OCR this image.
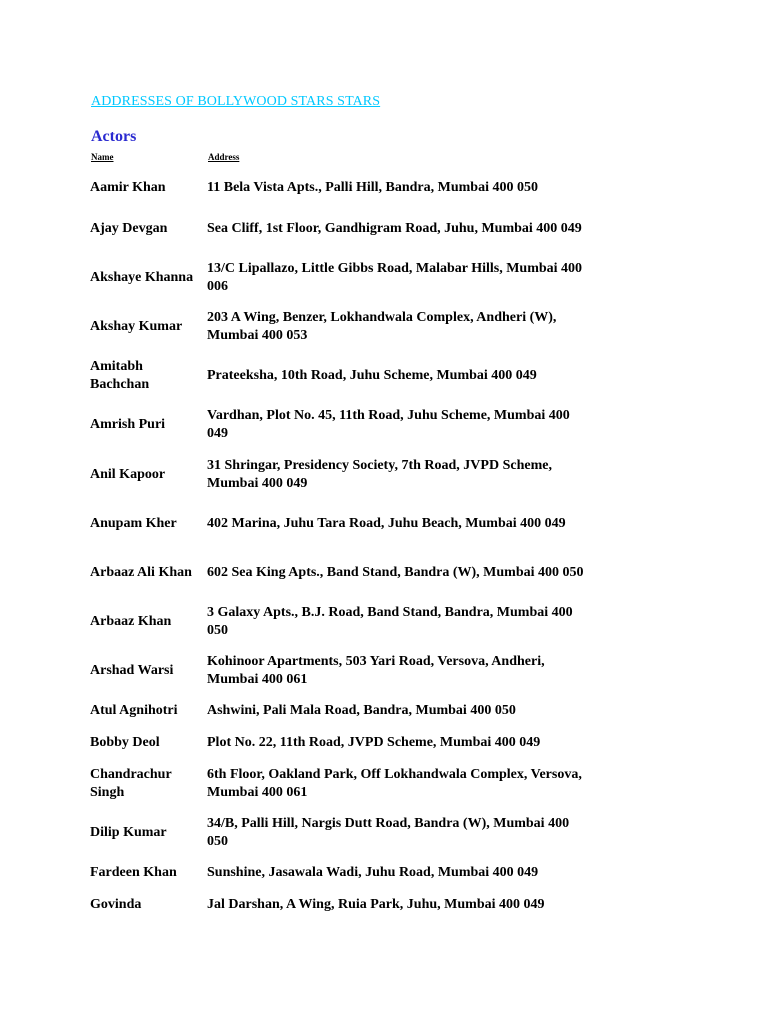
ADDRESSES OF BOLLYWOOD STARS STARS
Actors
Name	Address
Aamir Khan	11 Bela Vista Apts., Palli Hill, Bandra, Mumbai 400 050
Ajay Devgan	Sea Cliff, 1st Floor, Gandhigram Road, Juhu, Mumbai 400 049
Akshaye Khanna	13/C Lipallazo, Little Gibbs Road, Malabar Hills, Mumbai 400 006
Akshay Kumar	203 A Wing, Benzer, Lokhandwala Complex, Andheri (W), Mumbai 400 053
Amitabh Bachchan	Prateeksha, 10th Road, Juhu Scheme, Mumbai 400 049
Amrish Puri	Vardhan, Plot No. 45, 11th Road, Juhu Scheme, Mumbai 400 049
Anil Kapoor	31 Shringar, Presidency Society, 7th Road, JVPD Scheme, Mumbai 400 049
Anupam Kher	402 Marina, Juhu Tara Road, Juhu Beach, Mumbai 400 049
Arbaaz Ali Khan	602 Sea King Apts., Band Stand, Bandra (W), Mumbai 400 050
Arbaaz Khan	3 Galaxy Apts., B.J. Road, Band Stand, Bandra, Mumbai 400 050
Arshad Warsi	Kohinoor Apartments, 503 Yari Road, Versova, Andheri, Mumbai 400 061
Atul Agnihotri	Ashwini, Pali Mala Road, Bandra, Mumbai 400 050
Bobby Deol	Plot No. 22, 11th Road, JVPD Scheme, Mumbai 400 049
Chandrachur Singh	6th Floor, Oakland Park, Off Lokhandwala Complex, Versova, Mumbai 400 061
Dilip Kumar	34/B, Palli Hill, Nargis Dutt Road, Bandra (W), Mumbai 400 050
Fardeen Khan	Sunshine, Jasawala Wadi, Juhu Road, Mumbai 400 049
Govinda	Jal Darshan, A Wing, Ruia Park, Juhu, Mumbai 400 049
